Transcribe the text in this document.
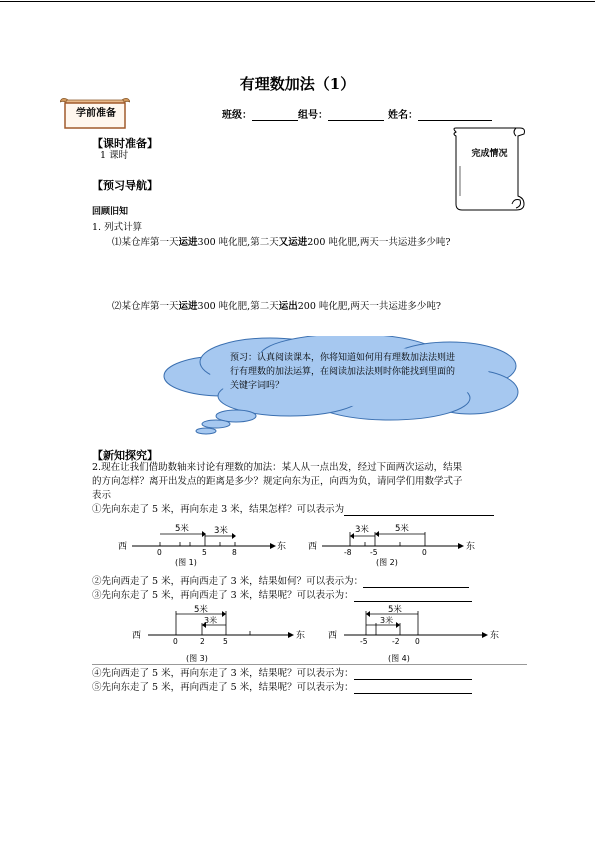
有理数加法（1）
学前准备	班级：	组号：	姓名：
完成情况
【课时准备】
1 课时
【预习导航】
回顾旧知
1. 列式计算
⑴某仓库第一天运进300 吨化肥,第二天又运进200 吨化肥,两天一共运进多少吨?
⑵某仓库第一天运进300 吨化肥,第二天运出200 吨化肥,两天一共运进多少吨?
预习：认真阅读课本，你将知道如何用有理数加法法则进
行有理数的加法运算，在阅读加法法则时你能找到里面的
关键字词吗？
【新知探究】
2.现在让我们借助数轴来讨论有理数的加法：某人从一点出发，经过下面两次运动，结果
的方向怎样？离开出发点的距离是多少？规定向东为正，向西为负，请同学们用数学式子
表示
①先向东走了 5 米，再向东走 3 米，结果怎样？可以表示为
西	东
5米	3米
0	5	8
(图 1)
西	东
3米	5米
-8 -5	0
(图 2)
②先向西走了 5 米，再向西走了 3 米，结果如何？可以表示为：
③先向东走了 5 米，再向西走了 3 米，结果呢？可以表示为：
西	东
5米
3米
0	2 5
(图 3)
西	东
5米
3米
-5	-2 0
(图 4)
④先向西走了 5 米，再向东走了 3 米，结果呢？可以表示为：
⑤先向东走了 5 米，再向西走了 5 米，结果呢？可以表示为：
